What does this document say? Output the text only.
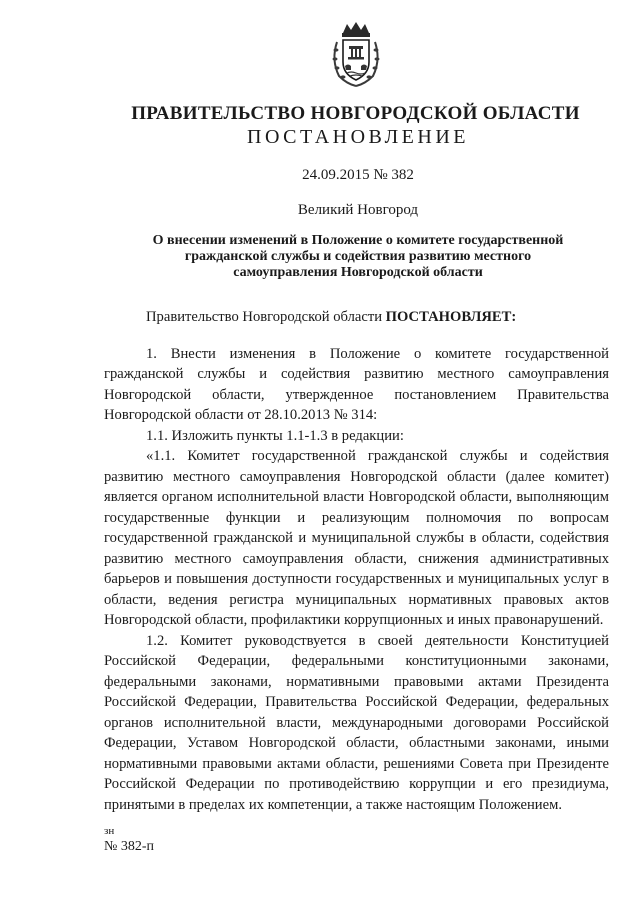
ПРАВИТЕЛЬСТВО НОВГОРОДСКОЙ ОБЛАСТИ
ПОСТАНОВЛЕНИЕ
24.09.2015 № 382
Великий Новгород
О внесении изменений в Положение о комитете государственной
гражданской службы и содействия развитию местного
самоуправления Новгородской области

Правительство Новгородской области ПОСТАНОВЛЯЕТ:

1. Внести изменения в Положение о комитете государственной гражданской службы и содействия развитию местного самоуправления Новгородской области, утвержденное постановлением Правительства Новгородской области от 28.10.2013 № 314:

1.1. Изложить пункты 1.1-1.3 в редакции:

«1.1. Комитет государственной гражданской службы и содействия развитию местного самоуправления Новгородской области (далее комитет) является органом исполнительной власти Новгородской области, выполняющим государственные функции и реализующим полномочия по вопросам государственной гражданской и муниципальной службы в области, содействия развитию местного самоуправления области, снижения административных барьеров и повышения доступности государственных и муниципальных услуг в области, ведения регистра муниципальных нормативных правовых актов Новгородской области, профилактики коррупционных и иных правонарушений.

1.2. Комитет руководствуется в своей деятельности Конституцией Российской Федерации, федеральными конституционными законами, федеральными законами, нормативными правовыми актами Президента Российской Федерации, Правительства Российской Федерации, федеральных органов исполнительной власти, международными договорами Российской Федерации, Уставом Новгородской области, областными законами, иными нормативными правовыми актами области, решениями Совета при Президенте Российской Федерации по противодействию коррупции и его президиума, принятыми в пределах их компетенции, а также настоящим Положением.

зн
№ 382-п
